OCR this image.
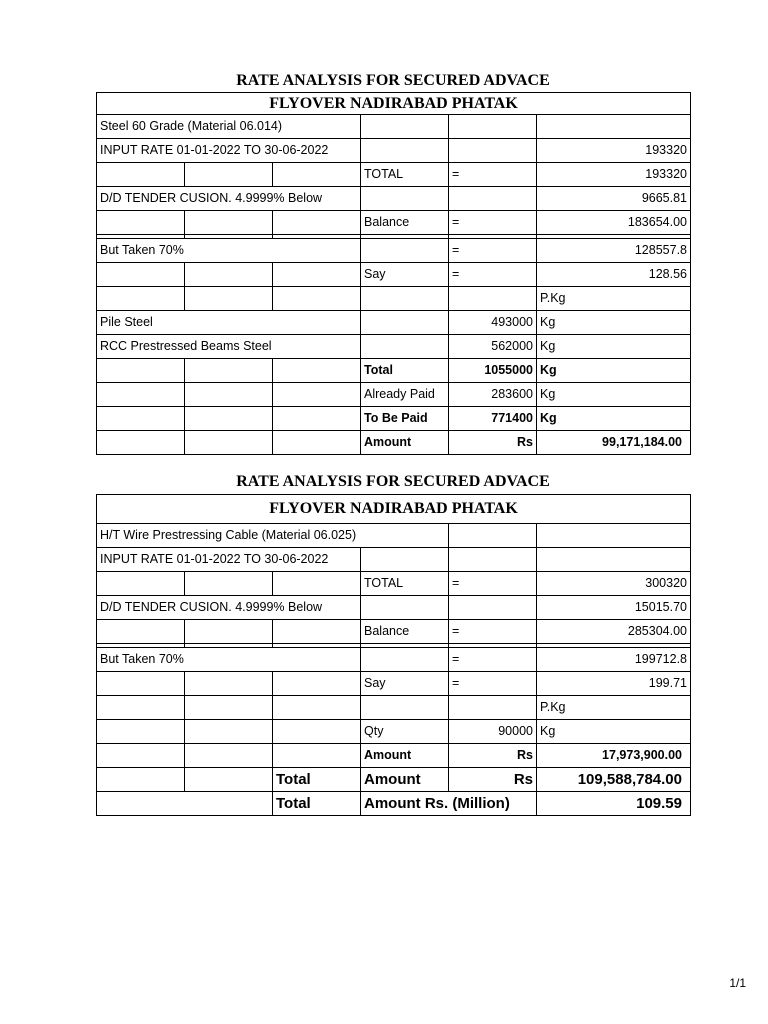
RATE ANALYSIS FOR SECURED ADVACE
FLYOVER NADIRABAD PHATAK					
Steel 60 Grade (Material 06.014)					
INPUT RATE 01-01-2022 TO 30-06-2022					193320
			TOTAL	=	193320
D/D TENDER CUSION. 4.9999% Below					9665.81
			Balance	=	183654.00

But Taken 70%				=	128557.8
			Say	=	128.56
					P.Kg
Pile Steel				493000	Kg
RCC Prestressed Beams Steel				562000	Kg
			Total	1055000	Kg
			Already Paid	283600	Kg
			To Be Paid	771400	Kg
			Amount	Rs	99,171,184.00
RATE ANALYSIS FOR SECURED ADVACE
FLYOVER NADIRABAD PHATAK					
H/T Wire Prestressing Cable (Material 06.025)					
INPUT RATE 01-01-2022 TO 30-06-2022					
			TOTAL	=	300320
D/D TENDER CUSION. 4.9999% Below					15015.70
			Balance	=	285304.00

But Taken 70%				=	199712.8
			Say	=	199.71
					P.Kg
			Qty	90000	Kg
			Amount	Rs	17,973,900.00
		Total	Amount	Rs	109,588,784.00
		Total	Amount Rs. (Million)		109.59
1/1
